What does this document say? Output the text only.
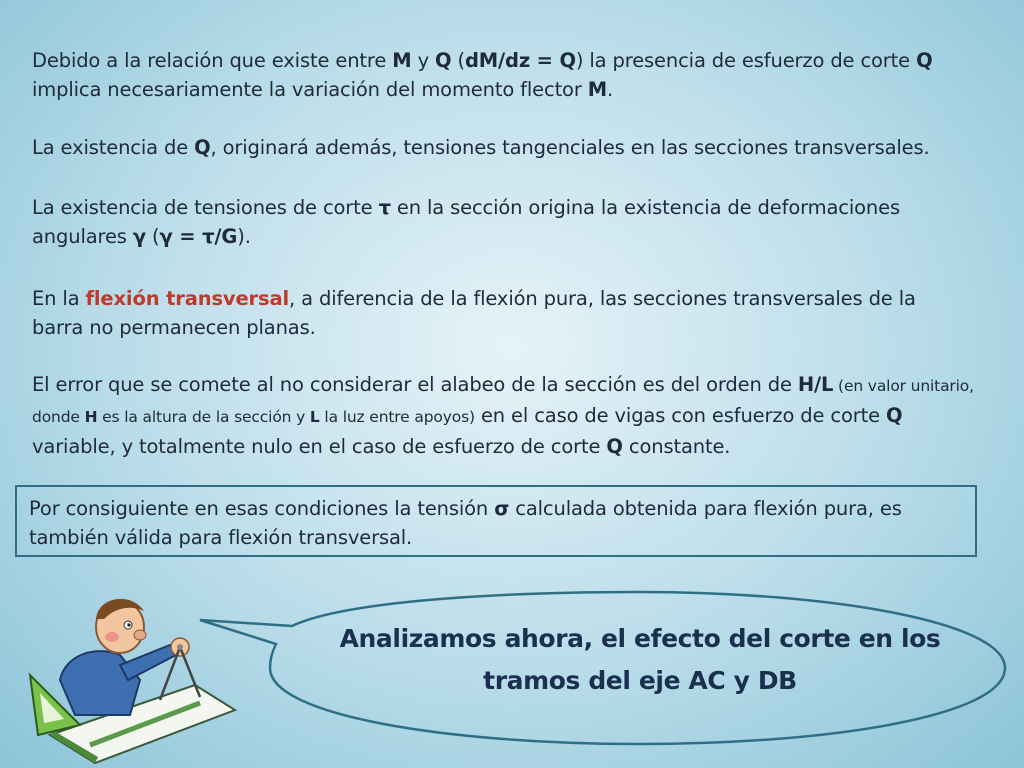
Debido a la relación que existe entre M y Q (dM/dz = Q) la presencia de esfuerzo de corte Q implica necesariamente la variación del momento flector M.

La existencia de Q, originará además, tensiones tangenciales en las secciones transversales.

La existencia de tensiones de corte τ en la sección origina la existencia de deformaciones angulares γ (γ = τ/G).

En la flexión transversal, a diferencia de la flexión pura, las secciones transversales de la barra no permanecen planas.

El error que se comete al no considerar el alabeo de la sección es del orden de H/L (en valor unitario, donde H es la altura de la sección y L la luz entre apoyos) en el caso de vigas con esfuerzo de corte Q variable, y totalmente nulo en el caso de esfuerzo de corte Q constante.

Por consiguiente en esas condiciones la tensión σ calculada obtenida para flexión pura, es también válida para flexión transversal.

Analizamos ahora, el efecto del corte en los
tramos del eje AC y DB
